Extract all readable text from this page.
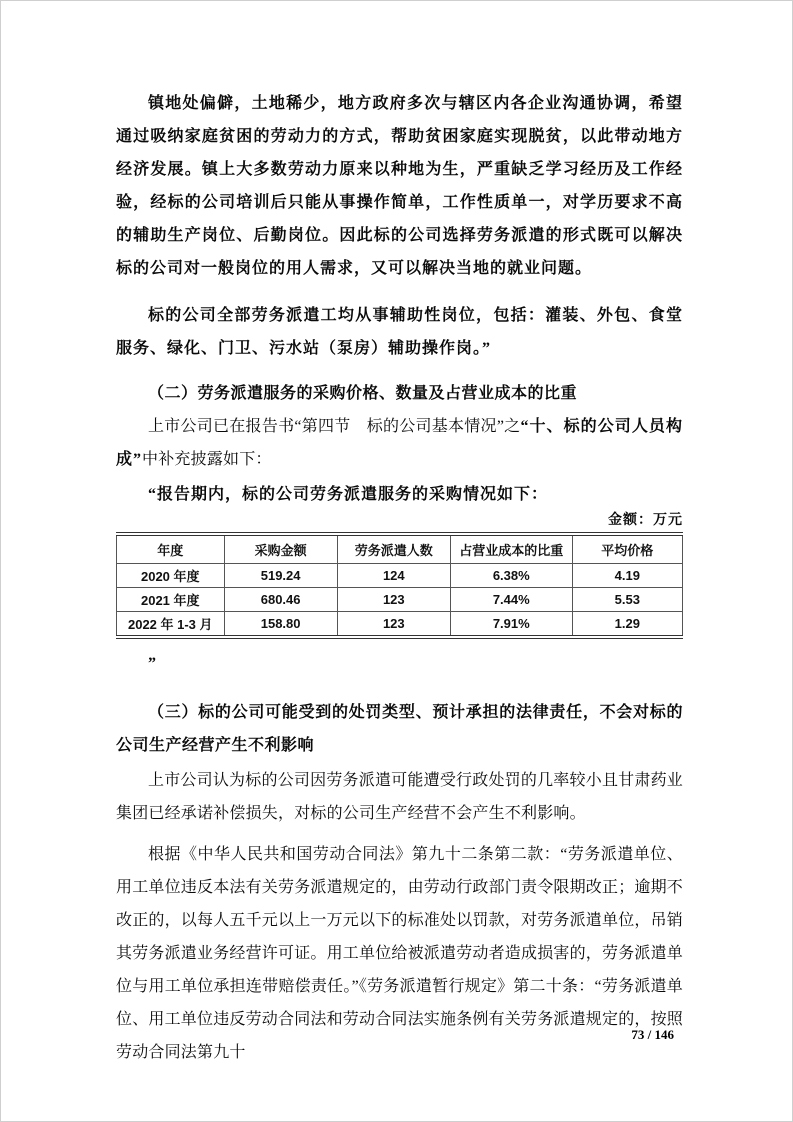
镇地处偏僻，土地稀少，地方政府多次与辖区内各企业沟通协调，希望通过吸纳家庭贫困的劳动力的方式，帮助贫困家庭实现脱贫，以此带动地方经济发展。镇上大多数劳动力原来以种地为生，严重缺乏学习经历及工作经验，经标的公司培训后只能从事操作简单，工作性质单一，对学历要求不高的辅助生产岗位、后勤岗位。因此标的公司选择劳务派遣的形式既可以解决标的公司对一般岗位的用人需求，又可以解决当地的就业问题。

标的公司全部劳务派遣工均从事辅助性岗位，包括：灌装、外包、食堂服务、绿化、门卫、污水站（泵房）辅助操作岗。”

（二）劳务派遣服务的采购价格、数量及占营业成本的比重

上市公司已在报告书“第四节　标的公司基本情况”之“十、标的公司人员构成”中补充披露如下：

“报告期内，标的公司劳务派遣服务的采购情况如下：

金额：万元
年度	采购金额	劳务派遣人数	占营业成本的比重	平均价格
2020 年度	519.24	124	6.38%	4.19
2021 年度	680.46	123	7.44%	5.53
2022 年 1-3 月	158.80	123	7.91%	1.29

”

（三）标的公司可能受到的处罚类型、预计承担的法律责任，不会对标的公司生产经营产生不利影响

上市公司认为标的公司因劳务派遣可能遭受行政处罚的几率较小且甘肃药业集团已经承诺补偿损失，对标的公司生产经营不会产生不利影响。

根据《中华人民共和国劳动合同法》第九十二条第二款：“劳务派遣单位、用工单位违反本法有关劳务派遣规定的，由劳动行政部门责令限期改正；逾期不改正的，以每人五千元以上一万元以下的标准处以罚款，对劳务派遣单位，吊销其劳务派遣业务经营许可证。用工单位给被派遣劳动者造成损害的，劳务派遣单位与用工单位承担连带赔偿责任。”《劳务派遣暂行规定》第二十条：“劳务派遣单位、用工单位违反劳动合同法和劳动合同法实施条例有关劳务派遣规定的，按照劳动合同法第九十

73 / 146
